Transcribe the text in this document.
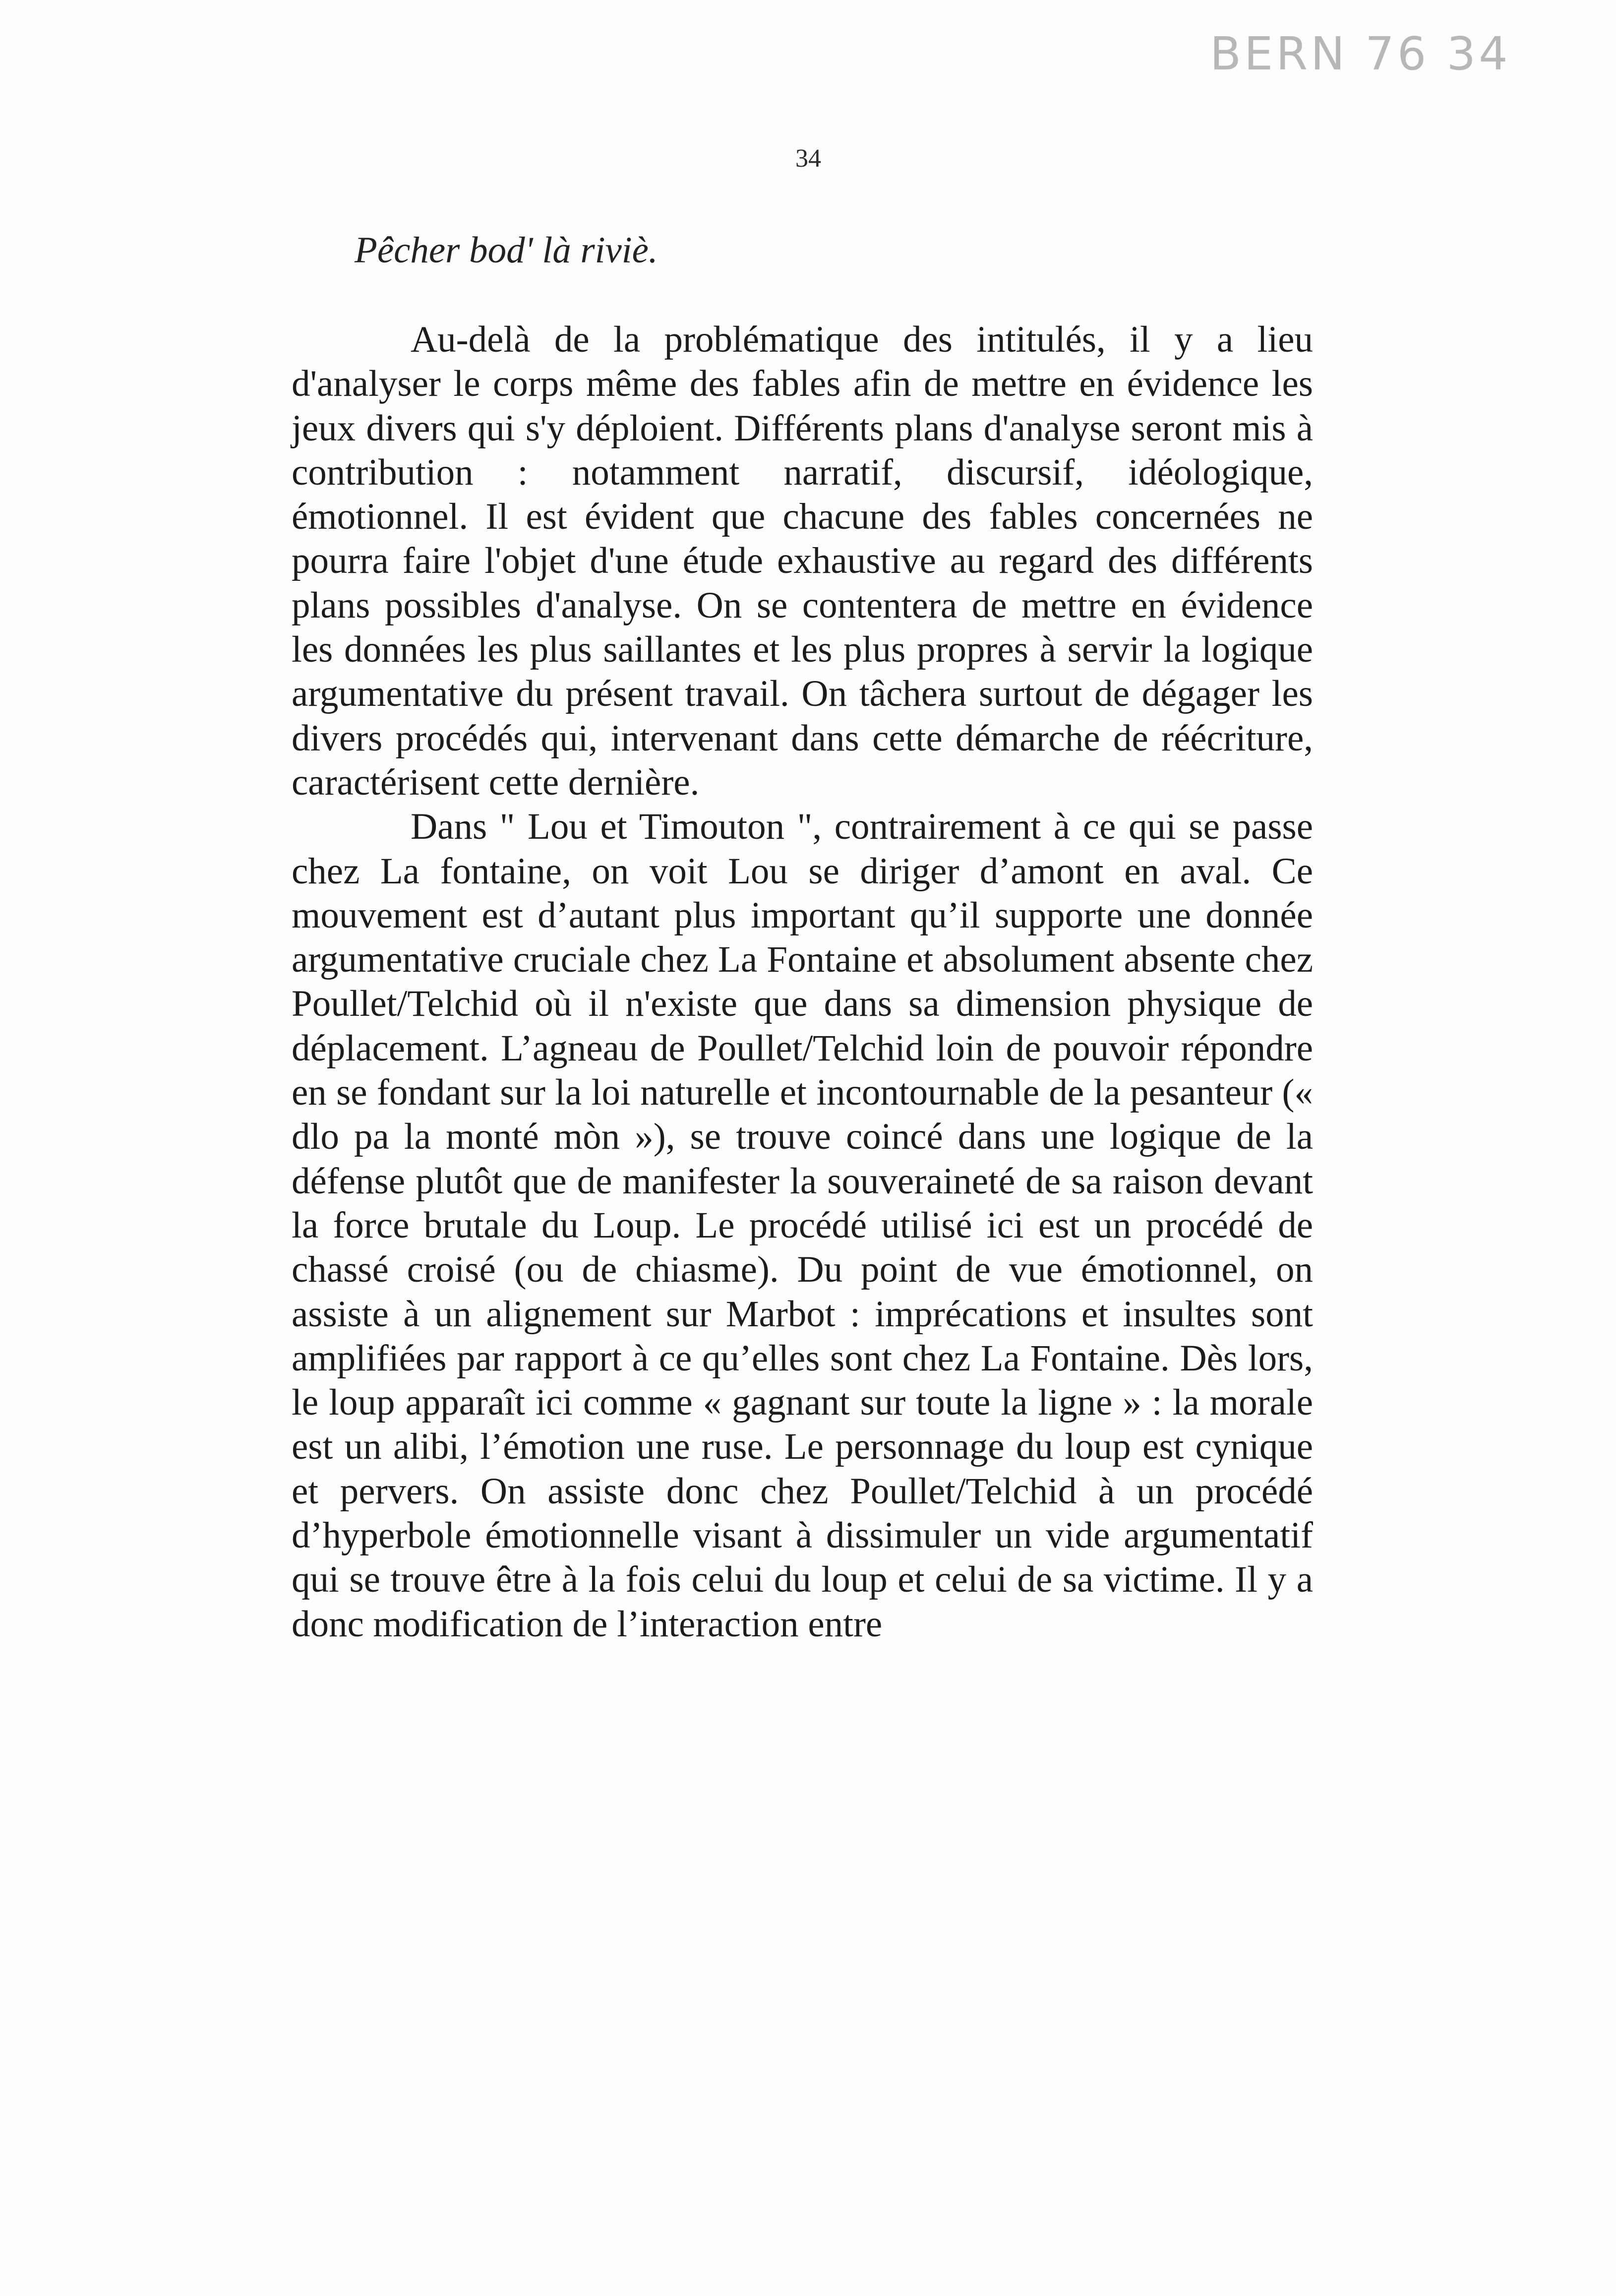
BERN 76 34
34
Pêcher bod' là riviè.

Au-delà de la problématique des intitulés, il y a lieu d'analyser le corps même des fables afin de mettre en évidence les jeux divers qui s'y déploient. Différents plans d'analyse seront mis à contribution : notamment narratif, discursif, idéologique, émotionnel. Il est évident que chacune des fables concernées ne pourra faire l'objet d'une étude exhaustive au regard des différents plans possibles d'analyse. On se contentera de mettre en évidence les données les plus saillantes et les plus propres à servir la logique argumentative du présent travail. On tâchera surtout de dégager les divers procédés qui, intervenant dans cette démarche de réécriture, caractérisent cette dernière.

Dans " Lou et Timouton ", contrairement à ce qui se passe chez La fontaine, on voit Lou se diriger d’amont en aval. Ce mouvement est d’autant plus important qu’il supporte une donnée argumentative cruciale chez La Fontaine et absolument absente chez Poullet/Telchid où il n'existe que dans sa dimension physique de déplacement. L’agneau de Poullet/Telchid loin de pouvoir répondre en se fondant sur la loi naturelle et incontournable de la pesanteur (« dlo pa la monté mòn »), se trouve coincé dans une logique de la défense plutôt que de manifester la souveraineté de sa raison devant la force brutale du Loup. Le procédé utilisé ici est un procédé de chassé croisé (ou de chiasme). Du point de vue émotionnel, on assiste à un alignement sur Marbot : imprécations et insultes sont amplifiées par rapport à ce qu’elles sont chez La Fontaine. Dès lors, le loup apparaît ici comme « gagnant sur toute la ligne » : la morale est un alibi, l’émotion une ruse. Le personnage du loup est cynique et pervers. On assiste donc chez Poullet/Telchid à un procédé d’hyperbole émotionnelle visant à dissimuler un vide argumentatif qui se trouve être à la fois celui du loup et celui de sa victime. Il y a donc modification de l’interaction entre
